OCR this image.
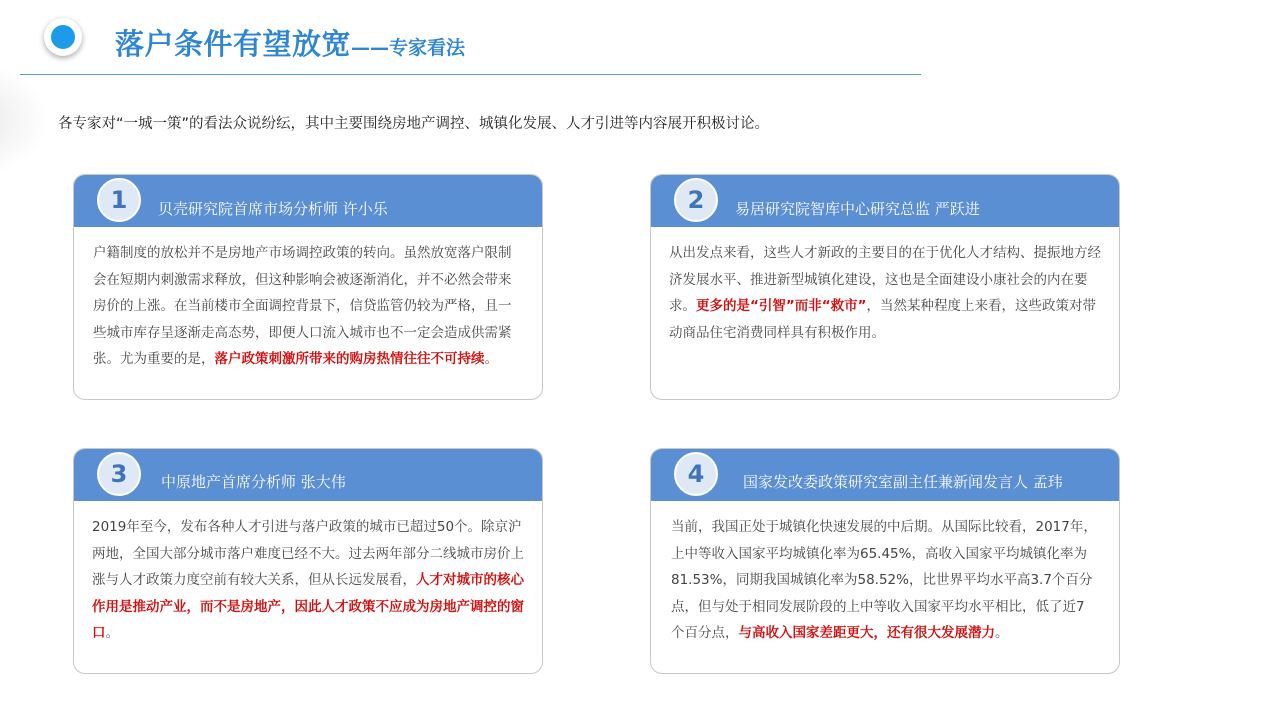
落户条件有望放宽——专家看法
各专家对“一城一策”的看法众说纷纭，其中主要围绕房地产调控、城镇化发展、人才引进等内容展开积极讨论。
1	贝壳研究院首席市场分析师 许小乐
户籍制度的放松并不是房地产市场调控政策的转向。虽然放宽落户限制会在短期内刺激需求释放，但这种影响会被逐渐消化，并不必然会带来房价的上涨。在当前楼市全面调控背景下，信贷监管仍较为严格，且一些城市库存呈逐渐走高态势，即便人口流入城市也不一定会造成供需紧张。尤为重要的是，落户政策刺激所带来的购房热情往往不可持续。
2	易居研究院智库中心研究总监 严跃进
从出发点来看，这些人才新政的主要目的在于优化人才结构、提振地方经济发展水平、推进新型城镇化建设，这也是全面建设小康社会的内在要求。更多的是“引智”而非“救市”，当然某种程度上来看，这些政策对带动商品住宅消费同样具有积极作用。
3	中原地产首席分析师 张大伟
2019年至今，发布各种人才引进与落户政策的城市已超过50个。除京沪两地，全国大部分城市落户难度已经不大。过去两年部分二线城市房价上涨与人才政策力度空前有较大关系，但从长远发展看，人才对城市的核心作用是推动产业，而不是房地产，因此人才政策不应成为房地产调控的窗口。
4	国家发改委政策研究室副主任兼新闻发言人 孟玮
当前，我国正处于城镇化快速发展的中后期。从国际比较看，2017年，上中等收入国家平均城镇化率为65.45%，高收入国家平均城镇化率为81.53%，同期我国城镇化率为58.52%，比世界平均水平高3.7个百分点，但与处于相同发展阶段的上中等收入国家平均水平相比，低了近7个百分点，与高收入国家差距更大，还有很大发展潜力。
